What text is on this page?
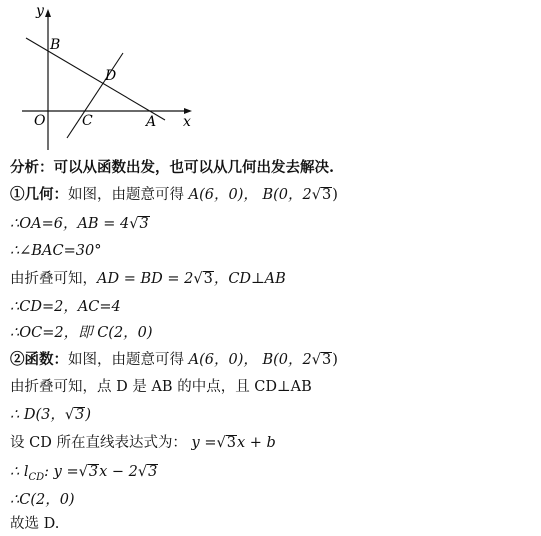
y
x
B
D
O	C	A
分析：可以从函数出发，也可以从几何出发去解决.
①几何：如图，由题意可得 A(6，0)， B(0，2√3)
∴OA=6，AB = 4√3
∴∠BAC=30°
由折叠可知，AD = BD = 2√3，CD⊥AB
∴CD=2，AC=4
∴OC=2，即 C(2，0)
②函数：如图，由题意可得 A(6，0)， B(0，2√3)
由折叠可知，点 D 是 AB 的中点，且 CD⊥AB
∴ D(3，√3)
设 CD 所在直线表达式为： y =√3x + b
∴ $l_{CD}$: y =√3x − 2√3
∴C(2，0)
故选 D.
